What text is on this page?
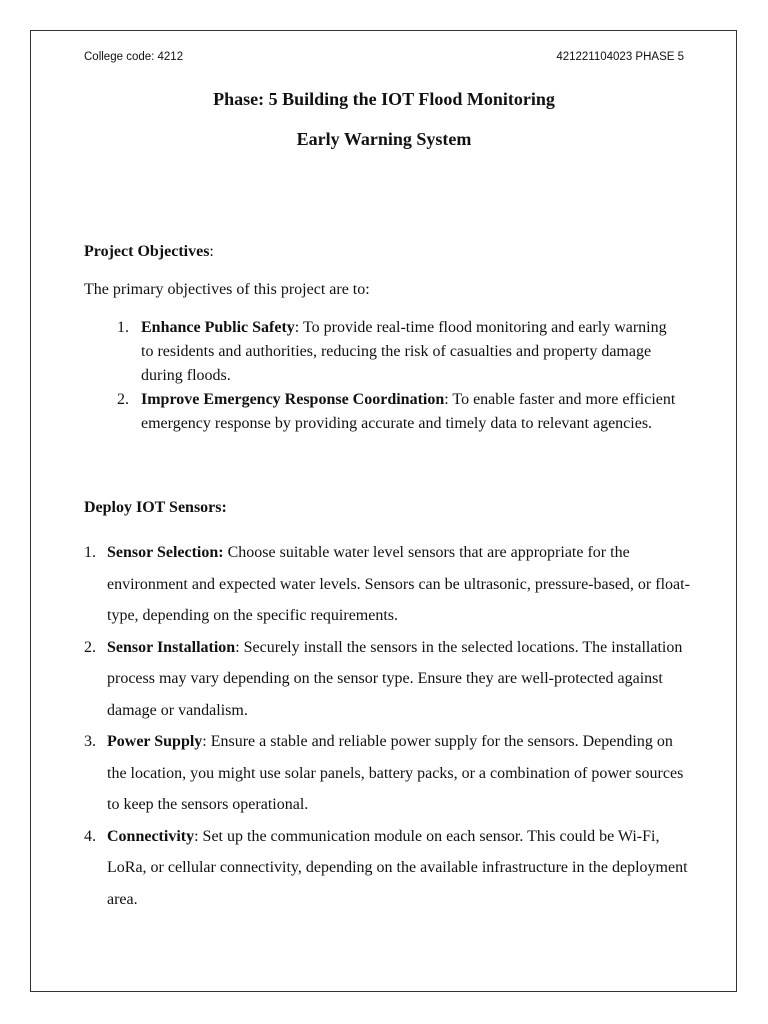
College code: 4212	421221104023 PHASE 5
Phase: 5 Building the IOT Flood Monitoring
Early Warning System
Project Objectives:
The primary objectives of this project are to:
1. Enhance Public Safety: To provide real-time flood monitoring and early warning to residents and authorities, reducing the risk of casualties and property damage during floods.
2. Improve Emergency Response Coordination: To enable faster and more efficient emergency response by providing accurate and timely data to relevant agencies.
Deploy IOT Sensors:
1. Sensor Selection: Choose suitable water level sensors that are appropriate for the environment and expected water levels. Sensors can be ultrasonic, pressure-based, or float-type, depending on the specific requirements.
2. Sensor Installation: Securely install the sensors in the selected locations. The installation process may vary depending on the sensor type. Ensure they are well-protected against damage or vandalism.
3. Power Supply: Ensure a stable and reliable power supply for the sensors. Depending on the location, you might use solar panels, battery packs, or a combination of power sources to keep the sensors operational.
4. Connectivity: Set up the communication module on each sensor. This could be Wi-Fi, LoRa, or cellular connectivity, depending on the available infrastructure in the deployment area.
